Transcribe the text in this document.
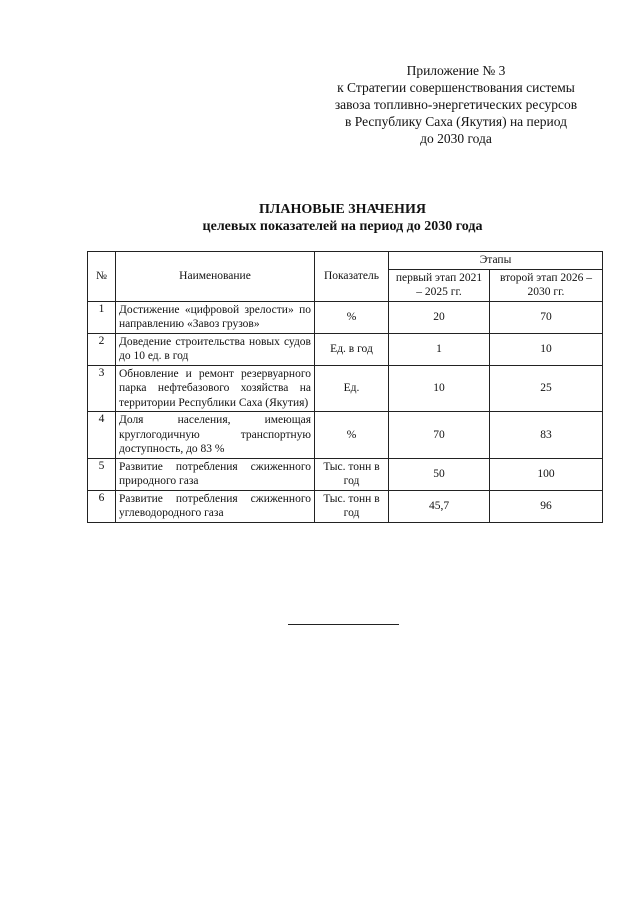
Приложение № 3
к Стратегии совершенствования системы
завоза топливно-энергетических ресурсов
в Республику Саха (Якутия) на период
до 2030 года
ПЛАНОВЫЕ ЗНАЧЕНИЯ
целевых показателей на период до 2030 года
№	Наименование	Показатель	Этапы	
			первый этап 2021 – 2025 гг.	второй этап 2026 – 2030 гг.
1	Достижение «цифровой зрелости» по направлению «Завоз грузов»	%	20	70
2	Доведение строительства новых судов до 10 ед. в год	Ед. в год	1	10
3	Обновление и ремонт резервуарного парка нефтебазового хозяйства на территории Республики Саха (Якутия)	Ед.	10	25
4	Доля населения, имеющая круглогодичную транспортную доступность, до 83 %	%	70	83
5	Развитие потребления сжиженного природного газа	Тыс. тонн в год	50	100
6	Развитие потребления сжиженного углеводородного газа	Тыс. тонн в год	45,7	96
